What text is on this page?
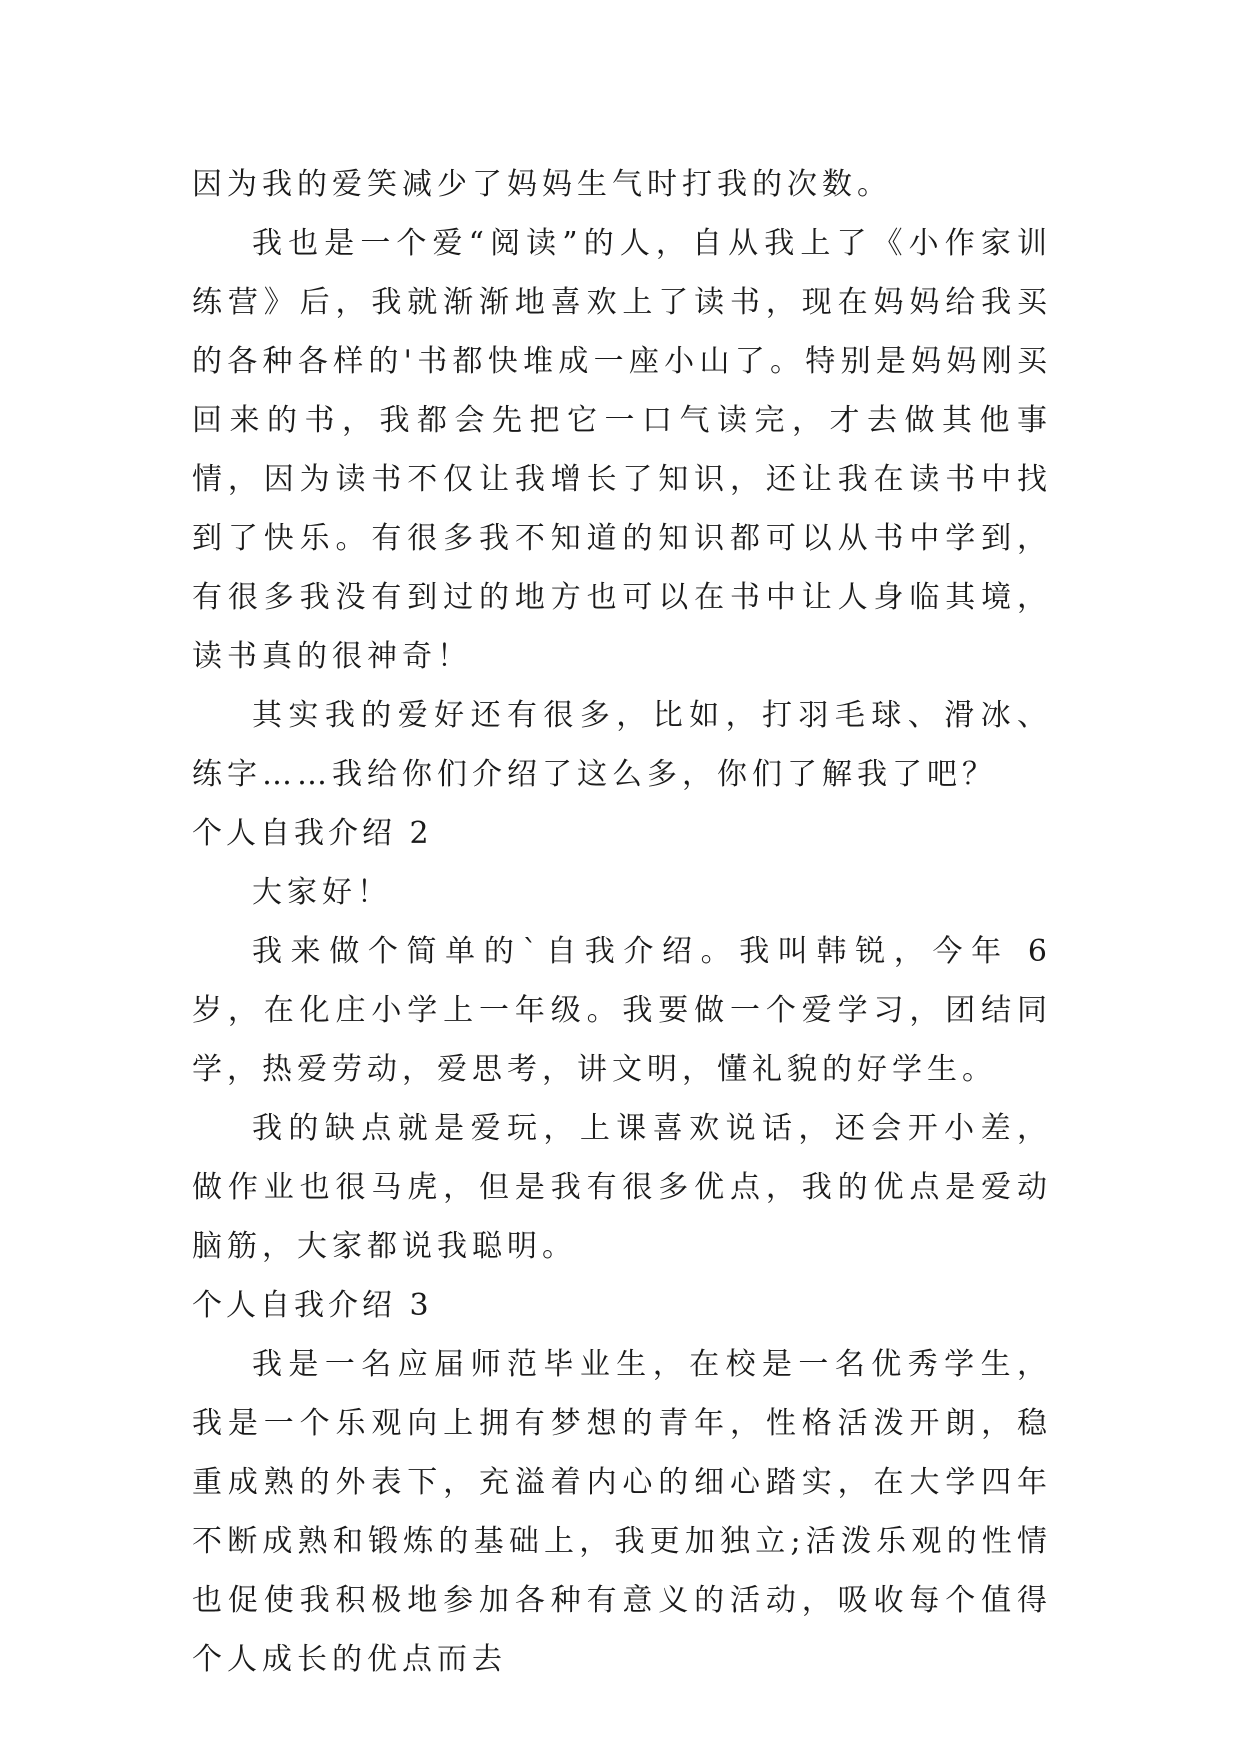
因为我的爱笑减少了妈妈生气时打我的次数。

我也是一个爱“阅读”的人，自从我上了《小作家训练营》后，我就渐渐地喜欢上了读书，现在妈妈给我买的各种各样的'书都快堆成一座小山了。特别是妈妈刚买回来的书，我都会先把它一口气读完，才去做其他事情，因为读书不仅让我增长了知识，还让我在读书中找到了快乐。有很多我不知道的知识都可以从书中学到，有很多我没有到过的地方也可以在书中让人身临其境，读书真的很神奇！

其实我的爱好还有很多，比如，打羽毛球、滑冰、练字……我给你们介绍了这么多，你们了解我了吧？

个人自我介绍 2

大家好！

我来做个简单的`自我介绍。我叫韩锐，今年 6 岁，在化庄小学上一年级。我要做一个爱学习，团结同学，热爱劳动，爱思考，讲文明，懂礼貌的好学生。

我的缺点就是爱玩，上课喜欢说话，还会开小差，做作业也很马虎，但是我有很多优点，我的优点是爱动脑筋，大家都说我聪明。

个人自我介绍 3

我是一名应届师范毕业生，在校是一名优秀学生，我是一个乐观向上拥有梦想的青年，性格活泼开朗，稳重成熟的外表下，充溢着内心的细心踏实，在大学四年不断成熟和锻炼的基础上，我更加独立;活泼乐观的性情也促使我积极地参加各种有意义的活动，吸收每个值得个人成长的优点而去
